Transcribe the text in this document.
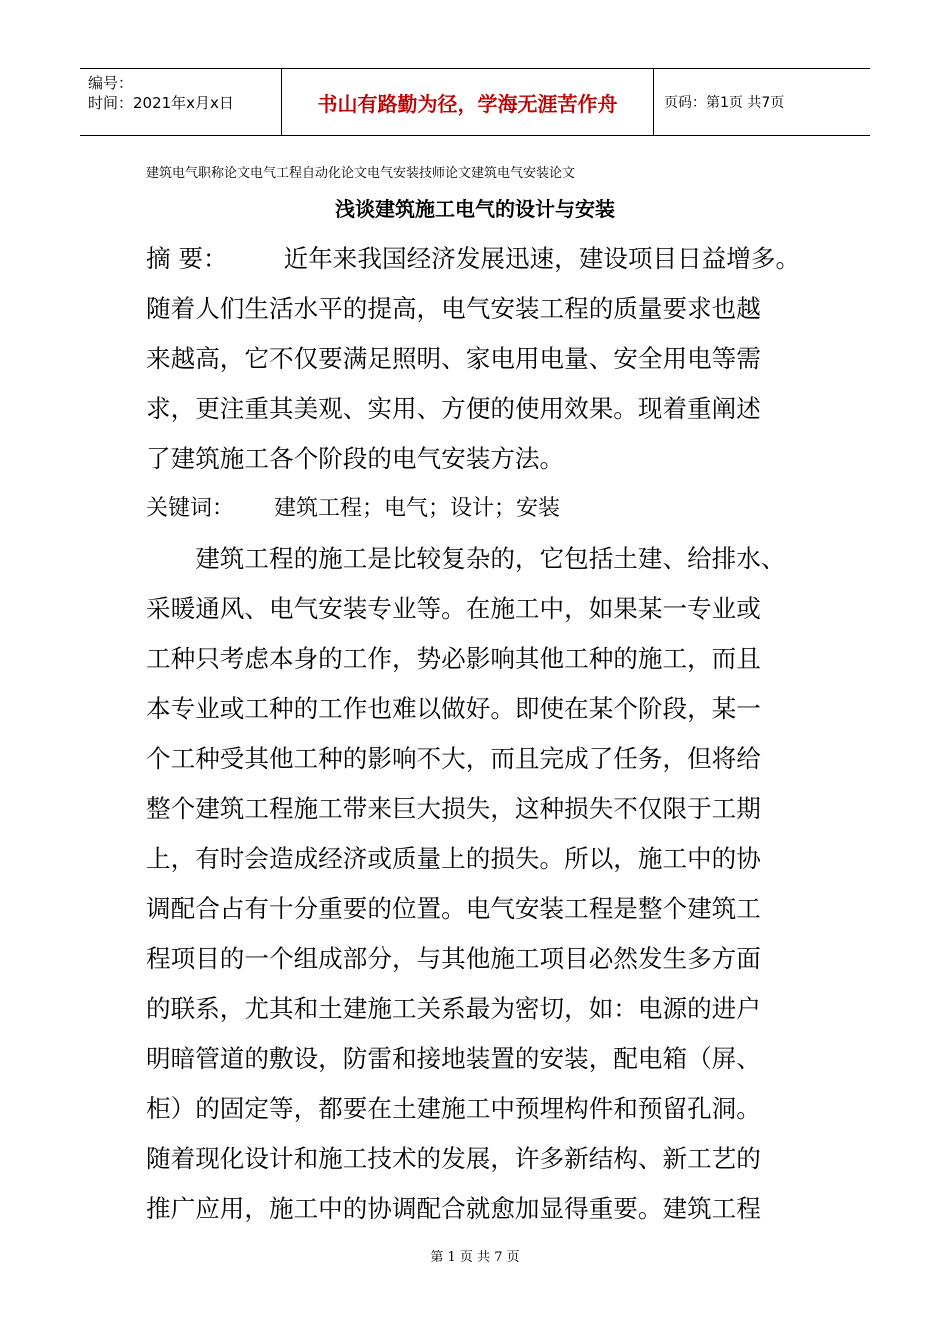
编号：
时间：2021年x月x日	书山有路勤为径，学海无涯苦作舟	页码：第1页 共7页
建筑电气职称论文电气工程自动化论文电气安装技师论文建筑电气安装论文
浅谈建筑施工电气的设计与安装
摘 要： 近年来我国经济发展迅速，建设项目日益增多。
随着人们生活水平的提高，电气安装工程的质量要求也越
来越高，它不仅要满足照明、家电用电量、安全用电等需
求，更注重其美观、实用、方便的使用效果。现着重阐述
了建筑施工各个阶段的电气安装方法。
关键词： 建筑工程；电气；设计；安装
　　建筑工程的施工是比较复杂的，它包括土建、给排水、
采暖通风、电气安装专业等。在施工中，如果某一专业或
工种只考虑本身的工作，势必影响其他工种的施工，而且
本专业或工种的工作也难以做好。即使在某个阶段，某一
个工种受其他工种的影响不大，而且完成了任务，但将给
整个建筑工程施工带来巨大损失，这种损失不仅限于工期
上，有时会造成经济或质量上的损失。所以，施工中的协
调配合占有十分重要的位置。电气安装工程是整个建筑工
程项目的一个组成部分，与其他施工项目必然发生多方面
的联系，尤其和土建施工关系最为密切，如：电源的进户
明暗管道的敷设，防雷和接地装置的安装，配电箱（屏、
柜）的固定等，都要在土建施工中预埋构件和预留孔洞。
随着现化设计和施工技术的发展，许多新结构、新工艺的
推广应用，施工中的协调配合就愈加显得重要。建筑工程
第 1 页 共 7 页
